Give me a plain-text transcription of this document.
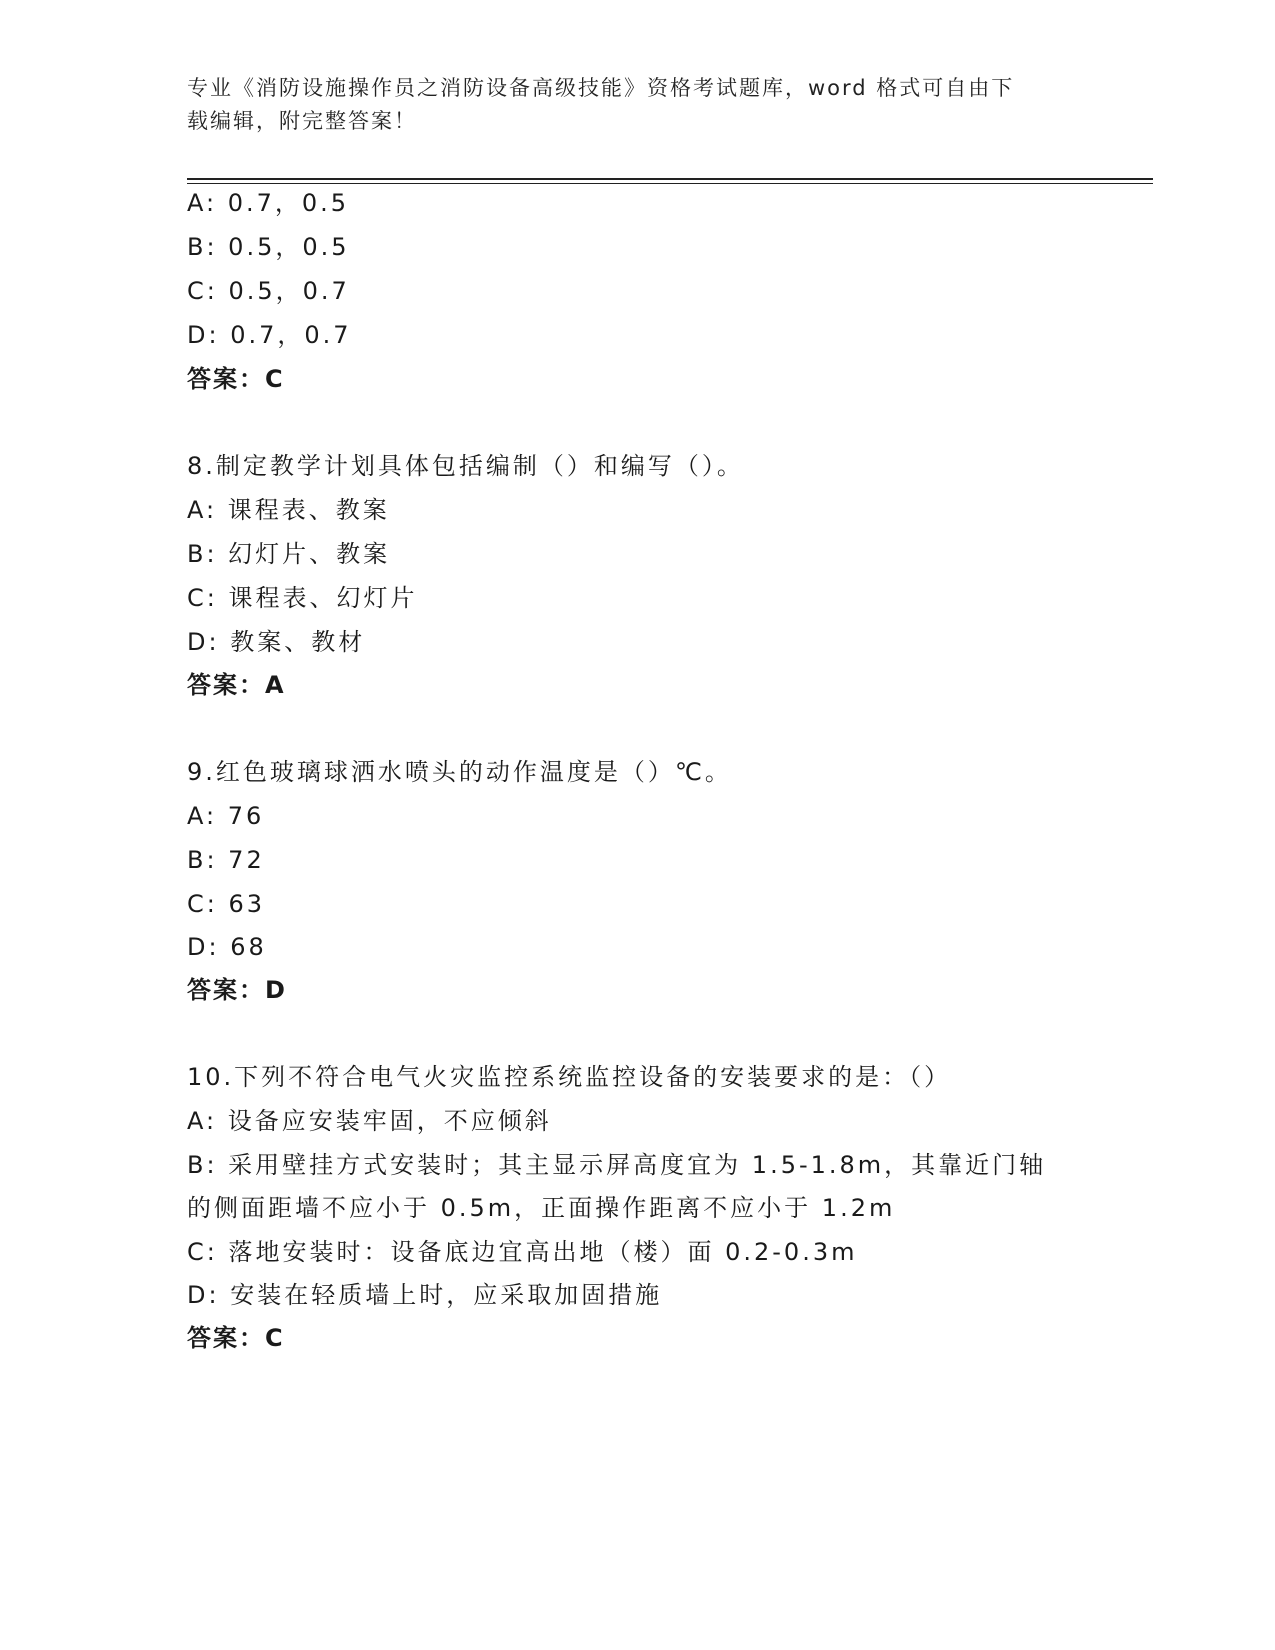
专业《消防设施操作员之消防设备高级技能》资格考试题库，word 格式可自由下
载编辑，附完整答案！
A: 0.7，0.5
B: 0.5，0.5
C: 0.5，0.7
D: 0.7，0.7
答案：C
8.制定教学计划具体包括编制（）和编写（）。
A: 课程表、教案
B: 幻灯片、教案
C: 课程表、幻灯片
D: 教案、教材
答案：A
9.红色玻璃球洒水喷头的动作温度是（）℃。
A: 76
B: 72
C: 63
D: 68
答案：D
10.下列不符合电气火灾监控系统监控设备的安装要求的是：（）
A: 设备应安装牢固，不应倾斜
B: 采用壁挂方式安装时；其主显示屏高度宜为 1.5-1.8m，其靠近门轴
的侧面距墙不应小于 0.5m，正面操作距离不应小于 1.2m
C: 落地安装时：设备底边宜高出地（楼）面 0.2-0.3m
D: 安装在轻质墙上时，应采取加固措施
答案：C
